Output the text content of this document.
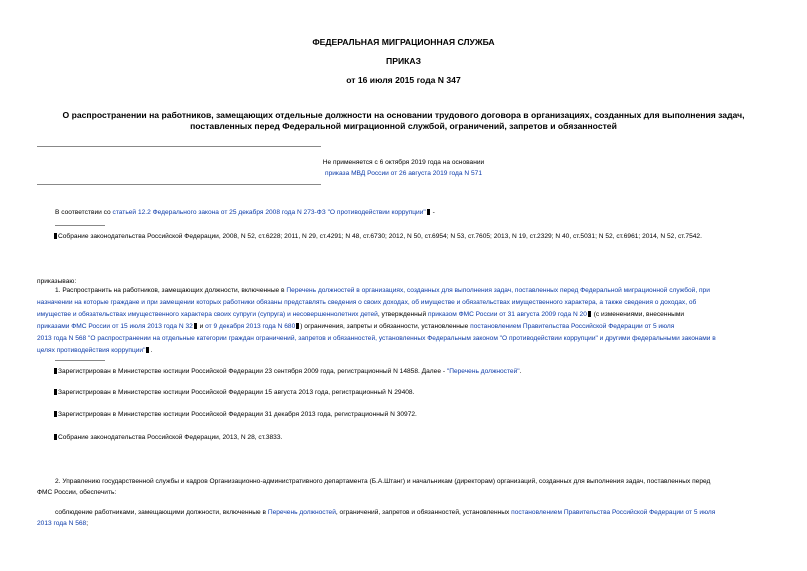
ФЕДЕРАЛЬНАЯ МИГРАЦИОННАЯ СЛУЖБА
ПРИКАЗ
от 16 июля 2015 года N 347
О распространении на работников, замещающих отдельные должности на основании трудового договора в организациях, созданных для выполнения задач,
поставленных перед Федеральной миграционной службой, ограничений, запретов и обязанностей
Не применяется с 6 октября 2019 года на основании
приказа МВД России от 26 августа 2019 года N 571
В соответствии со статьей 12.2 Федерального закона от 25 декабря 2008 года N 273-ФЗ "О противодействии коррупции" -
Собрание законодательства Российской Федерации, 2008, N 52, ст.6228; 2011, N 29, ст.4291; N 48, ст.6730; 2012, N 50, ст.6954; N 53, ст.7605; 2013, N 19, ст.2329; N 40, ст.5031; N 52, ст.6961; 2014, N 52, ст.7542.
приказываю:
1. Распространить на работников, замещающих должности, включенные в Перечень должностей в организациях, созданных для выполнения задач, поставленных перед Федеральной миграционной службой, при
назначении на которые граждане и при замещении которых работники обязаны представлять сведения о своих доходах, об имуществе и обязательствах имущественного характера, а также сведения о доходах, об
имуществе и обязательствах имущественного характера своих супруги (супруга) и несовершеннолетних детей, утвержденный приказом ФМС России от 31 августа 2009 года N 20 (с изменениями, внесенными
приказами ФМС России от 15 июля 2013 года N 32 и от 9 декабря 2013 года N 680 ) ограничения, запреты и обязанности, установленные постановлением Правительства Российской Федерации от 5 июля
2013 года N 568 "О распространении на отдельные категории граждан ограничений, запретов и обязанностей, установленных Федеральным законом "О противодействии коррупции" и другими федеральными законами в
целях противодействия коррупции" .
Зарегистрирован в Министерстве юстиции Российской Федерации 23 сентября 2009 года, регистрационный N 14858. Далее - "Перечень должностей".
Зарегистрирован в Министерстве юстиции Российской Федерации 15 августа 2013 года, регистрационный N 29408.
Зарегистрирован в Министерстве юстиции Российской Федерации 31 декабря 2013 года, регистрационный N 30972.
Собрание законодательства Российской Федерации, 2013, N 28, ст.3833.
2. Управлению государственной службы и кадров Организационно-административного департамента (Б.А.Штанг) и начальникам (директорам) организаций, созданных для выполнения задач, поставленных перед
ФМС России, обеспечить:
соблюдение работниками, замещающими должности, включенные в Перечень должностей, ограничений, запретов и обязанностей, установленных постановлением Правительства Российской Федерации от 5 июля
2013 года N 568;
